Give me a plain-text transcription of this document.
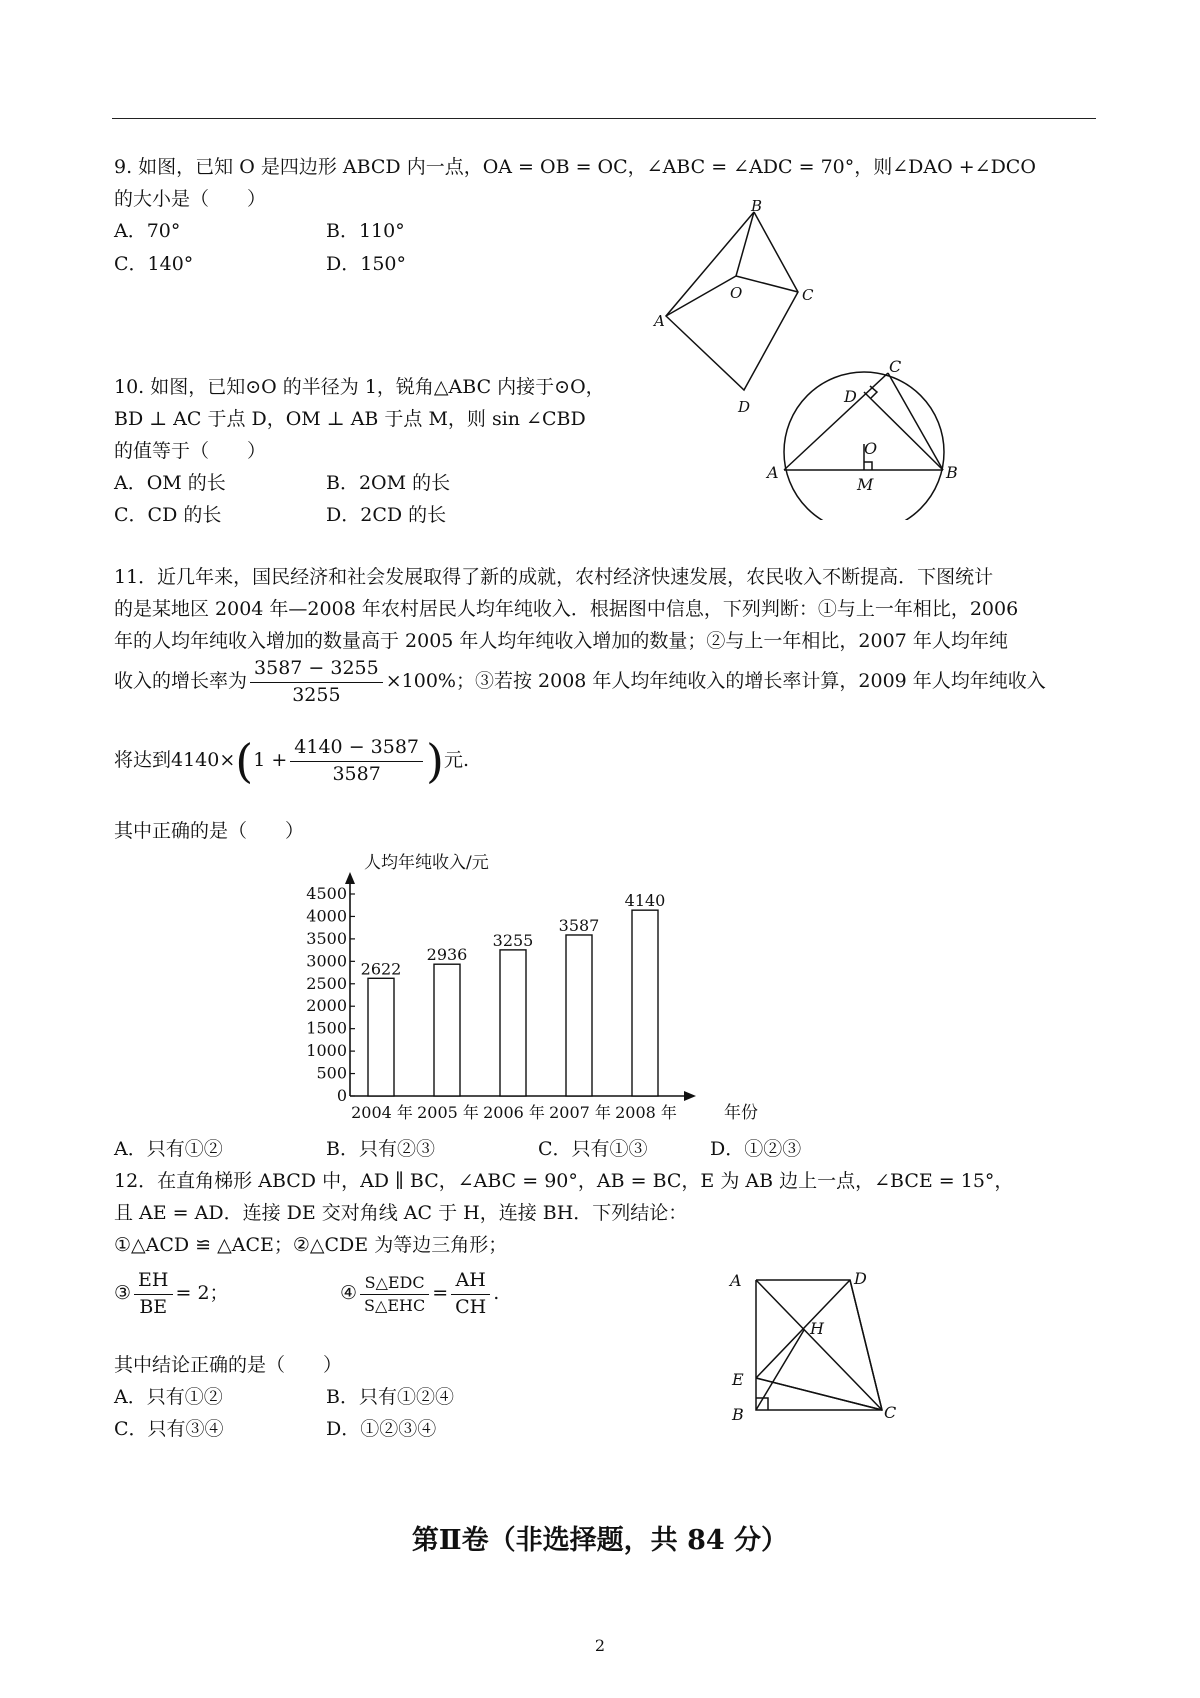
9. 如图，已知 O 是四边形 ABCD 内一点，OA = OB = OC，∠ABC = ∠ADC = 70°，则∠DAO +∠DCO
的大小是（　　）
A．70°	B．110°
C．140°	D．150°
B
O	C
A
D
10. 如图，已知⊙O 的半径为 1，锐角△ABC 内接于⊙O，
BD ⊥ AC 于点 D，OM ⊥ AB 于点 M，则 sin ∠CBD
的值等于（　　）
A．OM 的长	B．2OM 的长
C．CD 的长	D．2CD 的长
C
D
O
A
M
B
11．近几年来，国民经济和社会发展取得了新的成就，农村经济快速发展，农民收入不断提高．下图统计
的是某地区 2004 年—2008 年农村居民人均年纯收入．根据图中信息，下列判断：①与上一年相比，2006
年的人均年纯收入增加的数量高于 2005 年人均年纯收入增加的数量；②与上一年相比，2007 年人均年纯
收入的增长率为 $\frac{3587 - 3255}{3255} \times 100\%$；③若按 2008 年人均年纯收入的增长率计算，2009 年人均年纯收入
将达到$4140\times(1 + \frac{4140 - 3587}{3587}$ )元.
其中正确的是（　　）
人均年纯收入/元
年份
0
500
1000
1500
2000
2500
3000
3500
4000
4500
2622
2004 年
2936
2005 年
3255
2006 年
3587
2007 年
4140
2008 年
A．只有①②	B．只有②③	C．只有①③	D．①②③
12．在直角梯形 ABCD 中，AD ∥ BC，∠ABC = 90°，AB = BC，E 为 AB 边上一点，∠BCE = 15°，
且 AE = AD．连接 DE 交对角线 AC 于 H，连接 BH．下列结论：
①△ACD ≌ △ACE；②△CDE 为等边三角形；
③ $\frac{EH}{BE} = 2$；	④ $\frac{\text{S△EDC}}{\text{S△EHC}} = \frac{AH}{CH}$ .
其中结论正确的是（　　）
A．只有①②	B．只有①②④
C．只有③④	D．①②③④
A	D
H
E
B	C
第Ⅱ卷（非选择题，共 84 分）
2
